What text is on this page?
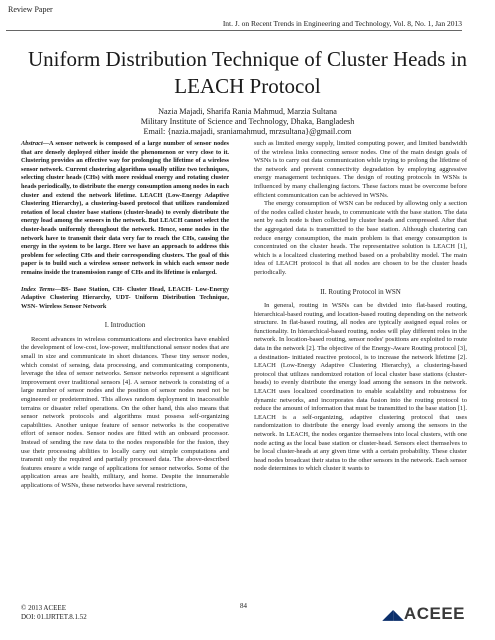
Review Paper
Int. J. on Recent Trends in Engineering and Technology, Vol. 8, No. 1, Jan 2013
Uniform Distribution Technique of Cluster Heads in
LEACH Protocol
Nazia Majadi, Sharifa Rania Mahmud, Marzia Sultana
Military Institute of Science and Technology, Dhaka, Bangladesh
Email: {nazia.majadi, sraniamahmud, mrzsultana}@gmail.com

Abstract—A sensor network is composed of a large number of sensor nodes that are densely deployed either inside the phenomenon or very close to it. Clustering provides an effective way for prolonging the lifetime of a wireless sensor network. Current clustering algorithms usually utilize two techniques, selecting cluster heads (CHs) with more residual energy and rotating cluster heads periodically, to distribute the energy consumption among nodes in each cluster and extend the network lifetime. LEACH (Low-Energy Adaptive Clustering Hierarchy), a clustering-based protocol that utilizes randomized rotation of local cluster base stations (cluster-heads) to evenly distribute the energy load among the sensors in the network. But LEACH cannot select the cluster-heads uniformly throughout the network. Hence, some nodes in the network have to transmit their data very far to reach the CHs, causing the energy in the system to be large. Here we have an approach to address this problem for selecting CHs and their corresponding clusters. The goal of this paper is to build such a wireless sensor network in which each sensor node remains inside the transmission range of CHs and its lifetime is enlarged.

Index Terms—BS- Base Station, CH- Cluster Head, LEACH- Low-Energy Adaptive Clustering Hierarchy, UDT- Uniform Distribution Technique, WSN- Wireless Sensor Network

I. Introduction

Recent advances in wireless communications and electronics have enabled the development of low-cost, low-power, multifunctional sensor nodes that are small in size and communicate in short distances. These tiny sensor nodes, which consist of sensing, data processing, and communicating components, leverage the idea of sensor networks. Sensor networks represent a significant improvement over traditional sensors [4]. A sensor network is consisting of a large number of sensor nodes and the position of sensor nodes need not be engineered or predetermined. This allows random deployment in inaccessible terrains or disaster relief operations. On the other hand, this also means that sensor network protocols and algorithms must possess self-organizing capabilities. Another unique feature of sensor networks is the cooperative effort of sensor nodes. Sensor nodes are fitted with an onboard processor. Instead of sending the raw data to the nodes responsible for the fusion, they use their processing abilities to locally carry out simple computations and transmit only the required and partially processed data. The above-described features ensure a wide range of applications for sensor networks. Some of the application areas are health, military, and home. Despite the innumerable applications of WSNs, these networks have several restrictions,

such as limited energy supply, limited computing power, and limited bandwidth of the wireless links connecting sensor nodes. One of the main design goals of WSNs is to carry out data communication while trying to prolong the lifetime of the network and prevent connectivity degradation by employing aggressive energy management techniques. The design of routing protocols in WSNs is influenced by many challenging factors. These factors must be overcome before efficient communication can be achieved in WSNs.

The energy consumption of WSN can be reduced by allowing only a section of the nodes called cluster heads, to communicate with the base station. The data sent by each node is then collected by cluster heads and compressed. After that the aggregated data is transmitted to the base station. Although clustering can reduce energy consumption, the main problem is that energy consumption is concentrated on the cluster heads. The representative solution is LEACH [1], which is a localized clustering method based on a probability model. The main idea of LEACH protocol is that all nodes are chosen to be the cluster heads periodically.

II. Routing Protocol in WSN

In general, routing in WSNs can be divided into flat-based routing, hierarchical-based routing, and location-based routing depending on the network structure. In flat-based routing, all nodes are typically assigned equal roles or functionality. In hierarchical-based routing, nodes will play different roles in the network. In location-based routing, sensor nodes' positions are exploited to route data in the network [2]. The objective of the Energy-Aware Routing protocol [3], a destination- initiated reactive protocol, is to increase the network lifetime [2]. LEACH (Low-Energy Adaptive Clustering Hierarchy), a clustering-based protocol that utilizes randomized rotation of local cluster base stations (cluster-heads) to evenly distribute the energy load among the sensors in the network. LEACH uses localized coordination to enable scalability and robustness for dynamic networks, and incorporates data fusion into the routing protocol to reduce the amount of information that must be transmitted to the base station [1]. LEACH is a self-organizing, adaptive clustering protocol that uses randomization to distribute the energy load evenly among the sensors in the network. In LEACH, the nodes organize themselves into local clusters, with one node acting as the local base station or cluster-head. Sensors elect themselves to be local cluster-heads at any given time with a certain probability. These cluster head nodes broadcast their status to the other sensors in the network. Each sensor node determines to which cluster it wants to

© 2013 ACEEE
DOI: 01.IJRTET.8.1.52
84
◢◣ACEEE
